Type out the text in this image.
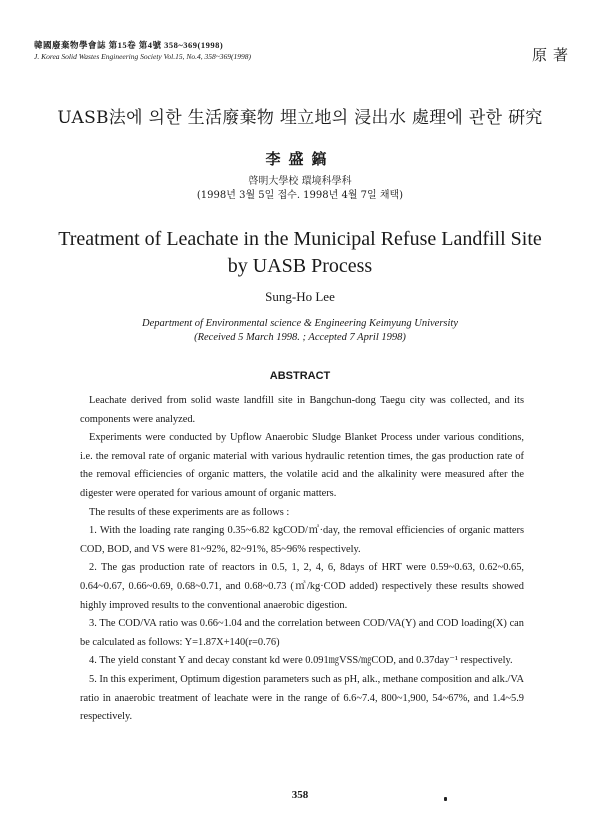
韓國廢棄物學會誌 第15卷 第4號 358~369(1998)
J. Korea Solid Wastes Engineering Society Vol.15, No.4, 358~369(1998)	原著
UASB法에 의한 生活廢棄物 埋立地의 浸出水 處理에 관한 硏究
李盛鎬
啓明大學校 環境科學科
(1998년 3월 5일 접수. 1998년 4월 7일 채택)
Treatment of Leachate in the Municipal Refuse Landfill Site
by UASB Process
Sung-Ho Lee
Department of Environmental science & Engineering Keimyung University
(Received 5 March 1998. ; Accepted 7 April 1998)
ABSTRACT

Leachate derived from solid waste landfill site in Bangchun-dong Taegu city was collected, and its components were analyzed.

Experiments were conducted by Upflow Anaerobic Sludge Blanket Process under various conditions, i.e. the removal rate of organic material with various hydraulic retention times, the gas production rate of the removal efficiencies of organic matters, the volatile acid and the alkalinity were measured after the digester were operated for various amount of organic matters.

The results of these experiments are as follows :

1. With the loading rate ranging 0.35~6.82 kgCOD/㎥·day, the removal efficiencies of organic matters COD, BOD, and VS were 81~92%, 82~91%, 85~96% respectively.

2. The gas production rate of reactors in 0.5, 1, 2, 4, 6, 8days of HRT were 0.59~0.63, 0.62~0.65, 0.64~0.67, 0.66~0.69, 0.68~0.71, and 0.68~0.73 (㎥/kg·COD added) respectively these results showed highly improved results to the conventional anaerobic digestion.

3. The COD/VA ratio was 0.66~1.04 and the correlation between COD/VA(Y) and COD loading(X) can be calculated as follows: Y=1.87X+140(r=0.76)

4. The yield constant Y and decay constant kd were 0.091㎎VSS/㎎COD, and 0.37day⁻¹ respectively.

5. In this experiment, Optimum digestion parameters such as pH, alk., methane composition and alk./VA ratio in anaerobic treatment of leachate were in the range of 6.6~7.4, 800~1,900, 54~67%, and 1.4~5.9 respectively.

358
